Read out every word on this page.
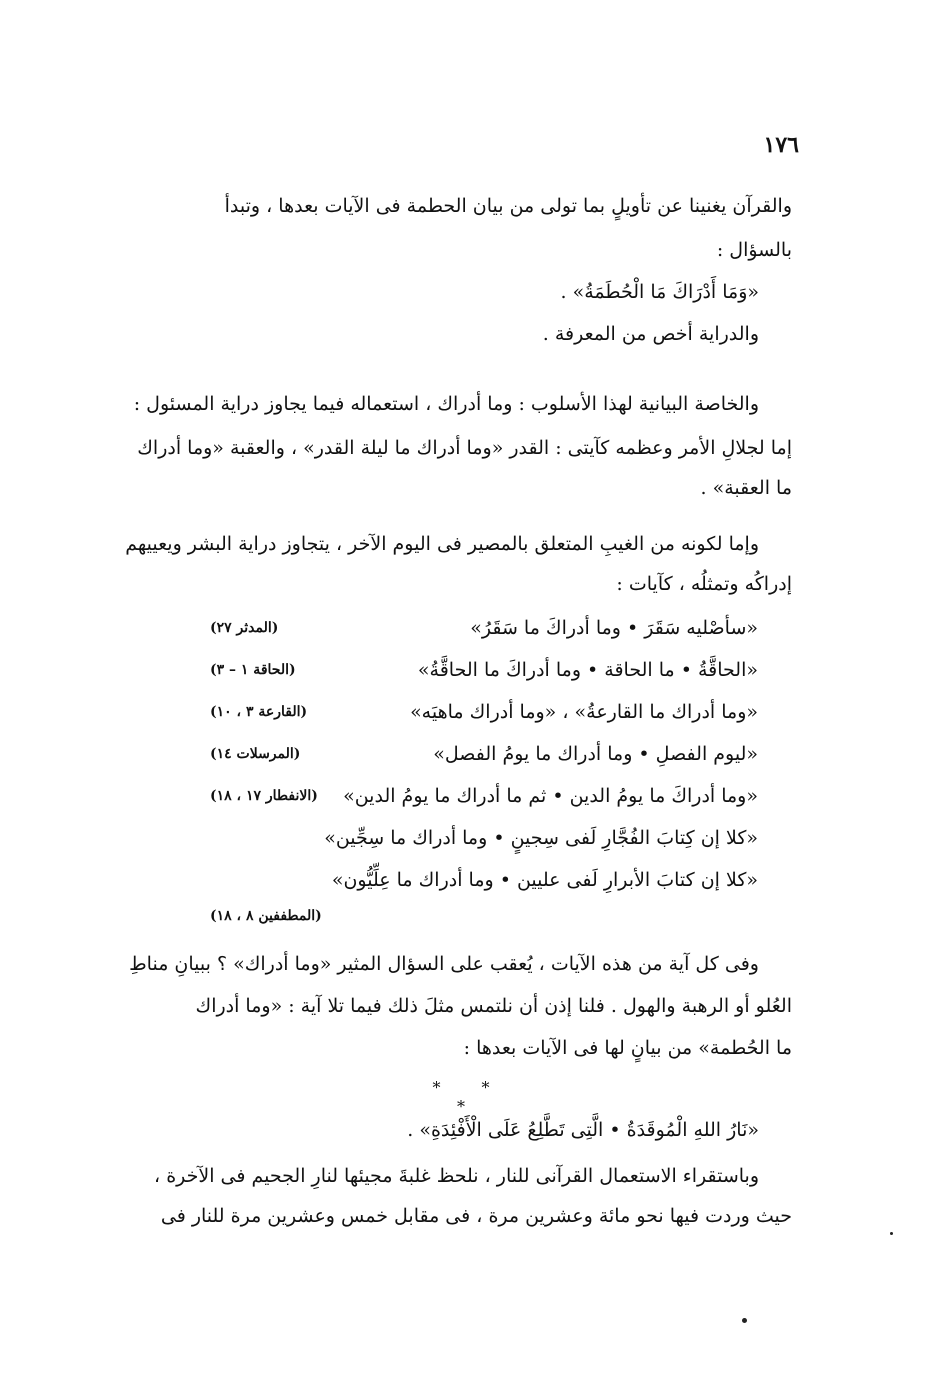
١٧٦
والقرآن يغنينا عن تأويلٍ بما تولى من بيان الحطمة فى الآيات بعدها ، وتبدأ
بالسؤال :
«وَمَا أَدْرَاكَ مَا الْحُطَمَةُ» .
والدراية أخص من المعرفة .
والخاصة البيانية لهذا الأسلوب : وما أدراك ، استعماله فيما يجاوز دراية المسئول :
إما لجلالِ الأمر وعظمه كآيتى : القدر «وما أدراك ما ليلة القدر» ، والعقبة «وما أدراك
ما العقبة» .
وإما لكونه من الغيبِ المتعلق بالمصير فى اليوم الآخر ، يتجاوز دراية البشر ويعييهم
إدراكُه وتمثلُه ، كآيات :
«سأصْليه سَقَرَ • وما أدراكَ ما سَقَرُ»
(المدثر ٢٧)
«الحاقَّةُ • ما الحاقة • وما أدراكَ ما الحاقَّةُ»
(الحاقة ١ – ٣)
«وما أدراك ما القارعةُ» ، «وما أدراك ماهيَه»
(القارعة ٣ ، ١٠)
«ليوم الفصلِ • وما أدراك ما يومُ الفصل»
(المرسلات ١٤)
«وما أدراكَ ما يومُ الدين • ثم ما أدراك ما يومُ الدين»
(الانفطار ١٧ ، ١٨)
«كلا إن كِتابَ الفُجَّارِ لَفى سِجينٍ • وما أدراك ما سِجِّين»
«كلا إن كتابَ الأبرارِ لَفى عليين • وما أدراك ما عِلِّيُّون»
(المطففين ٨ ، ١٨)
وفى كل آية من هذه الآيات ، يُعقب على السؤال المثير «وما أدراك» ؟ ببيانِ مناطِ
العُلو أو الرهبة والهول . فلنا إذن أن نلتمس مثلَ ذلك فيما تلا آية : «وما أدراك
ما الحُطمة» من بيانٍ لها فى الآيات بعدها :
* * *
«نَارُ اللهِ الْمُوقَدَةُ • الَّتِى تَطَّلِعُ عَلَى الْأَفْئِدَةِ» .
وباستقراء الاستعمال القرآنى للنار ، نلحظ غلبةَ مجيئها لنارِ الجحيم فى الآخرة ،
حيث وردت فيها نحو مائة وعشرين مرة ، فى مقابل خمس وعشرين مرة للنار فى
